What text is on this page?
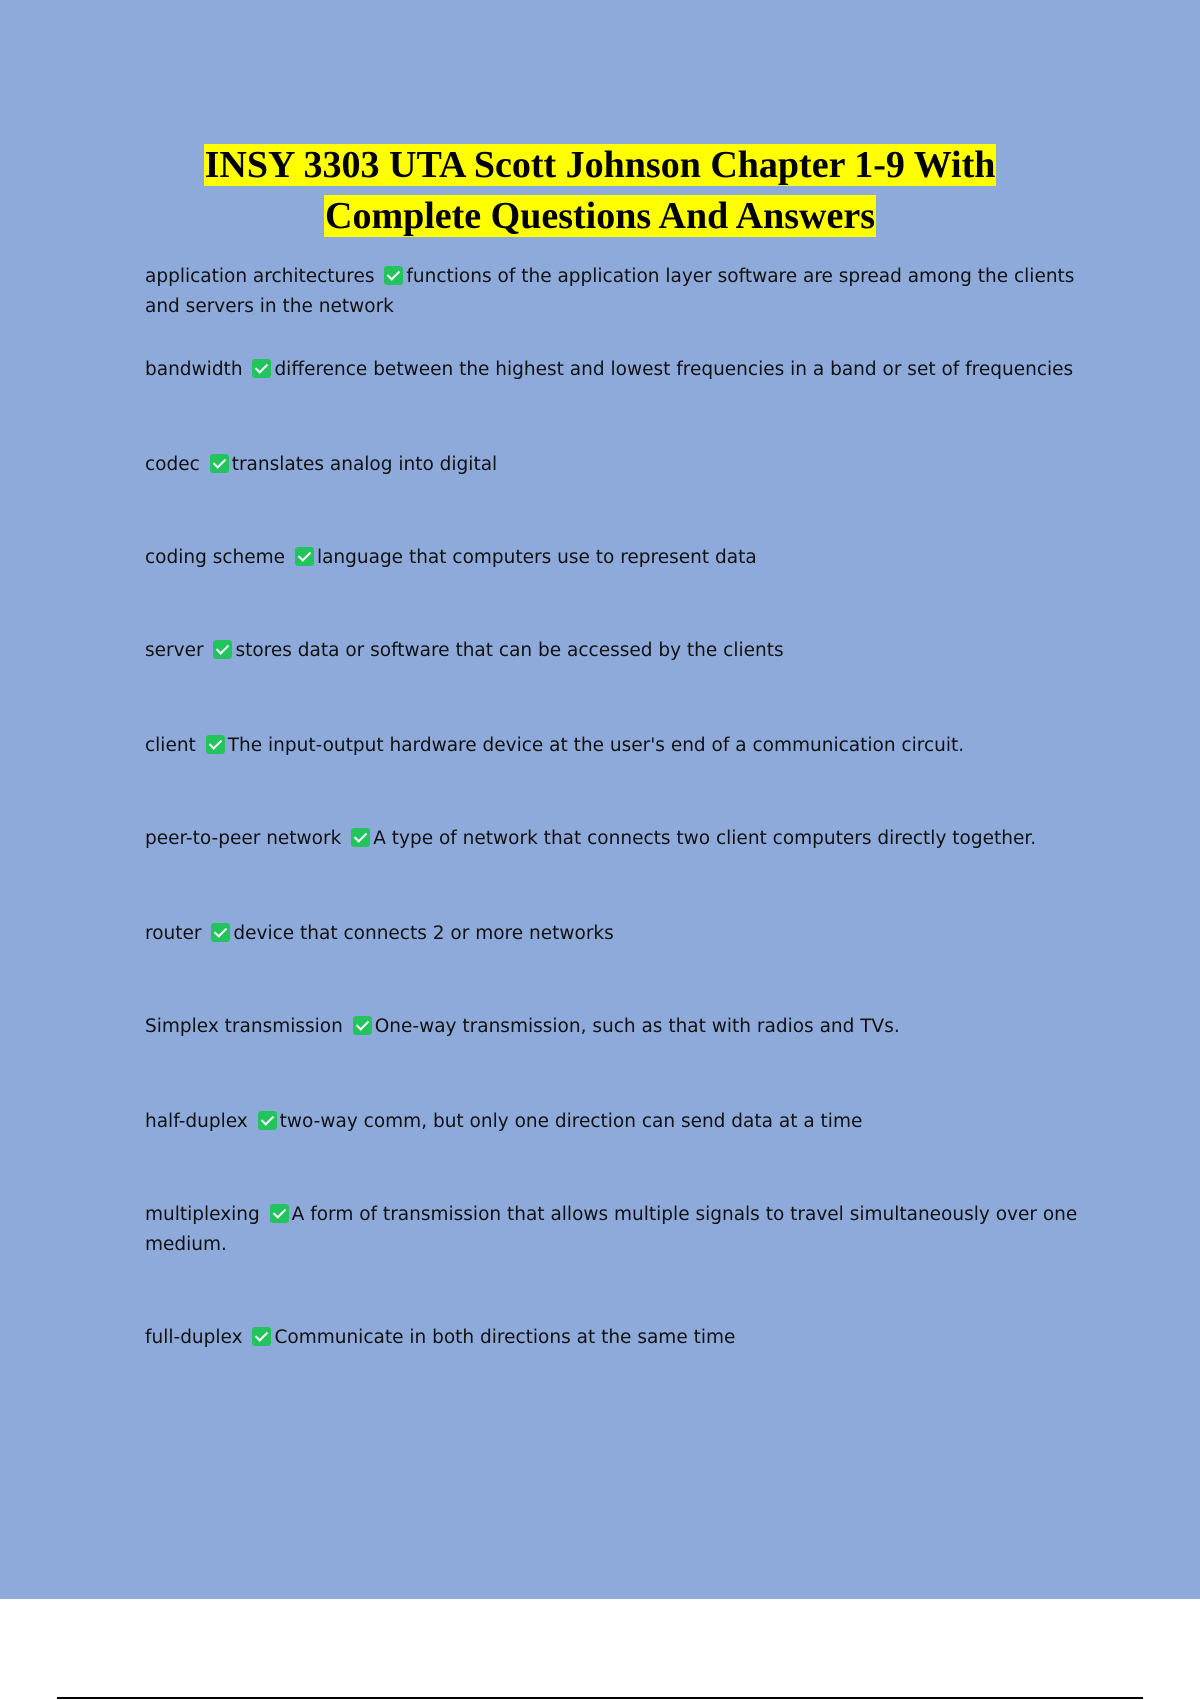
INSY 3303 UTA Scott Johnson Chapter 1-9 With
Complete Questions And Answers
application architectures functions of the application layer software are spread among the clients and servers in the network
bandwidth difference between the highest and lowest frequencies in a band or set of frequencies
codec translates analog into digital
coding scheme language that computers use to represent data
server stores data or software that can be accessed by the clients
client The input-output hardware device at the user's end of a communication circuit.
peer-to-peer network A type of network that connects two client computers directly together.
router device that connects 2 or more networks
Simplex transmission One-way transmission, such as that with radios and TVs.
half-duplex two-way comm, but only one direction can send data at a time
multiplexing A form of transmission that allows multiple signals to travel simultaneously over one medium.
full-duplex Communicate in both directions at the same time
